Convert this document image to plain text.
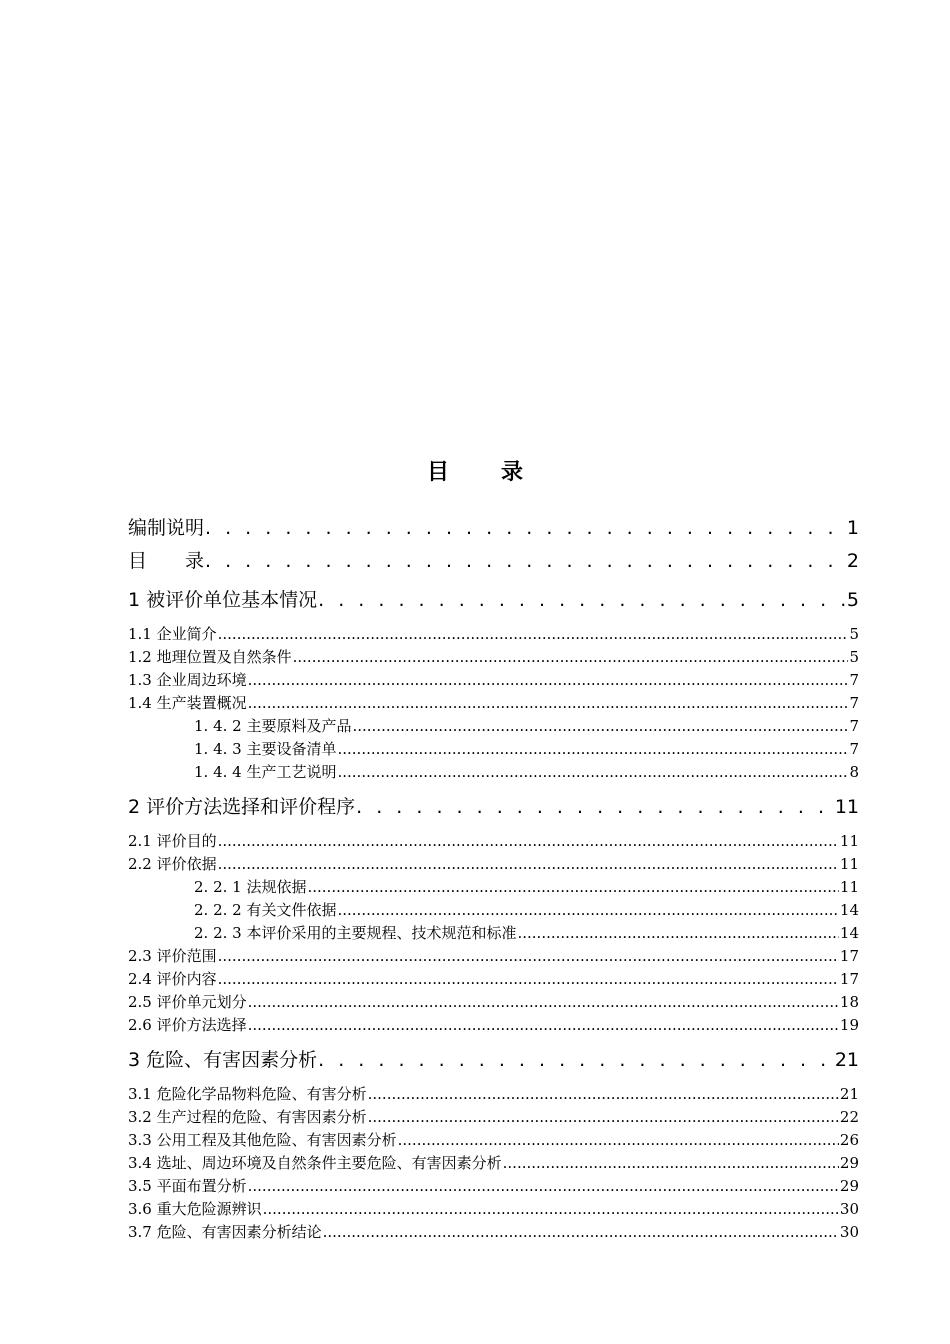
目 录
编制说明 . . .	1
目　　录 . . .	2
1 被评价单位基本情况 . . .	5
1.1 企业简介 .....	5
1.2 地理位置及自然条件 .....	5
1.3 企业周边环境 .....	7
1.4 生产装置概况 .....	7
1. 4. 2 主要原料及产品 .....	7
1. 4. 3 主要设备清单 .....	7
1. 4. 4 生产工艺说明 .....	8
2 评价方法选择和评价程序 . . .	11
2.1 评价目的 .....	11
2.2 评价依据 .....	11
2. 2. 1 法规依据 .....	11
2. 2. 2 有关文件依据 .....	14
2. 2. 3 本评价采用的主要规程、技术规范和标准 .....	14
2.3 评价范围 .....	17
2.4 评价内容 .....	17
2.5 评价单元划分 .....	18
2.6 评价方法选择 .....	19
3 危险、有害因素分析 . . .	21
3.1 危险化学品物料危险、有害分析 .....	21
3.2 生产过程的危险、有害因素分析 .....	22
3.3 公用工程及其他危险、有害因素分析 .....	26
3.4 选址、周边环境及自然条件主要危险、有害因素分析 .....	29
3.5 平面布置分析 .....	29
3.6 重大危险源辨识 .....	30
3.7 危险、有害因素分析结论 .....	30
